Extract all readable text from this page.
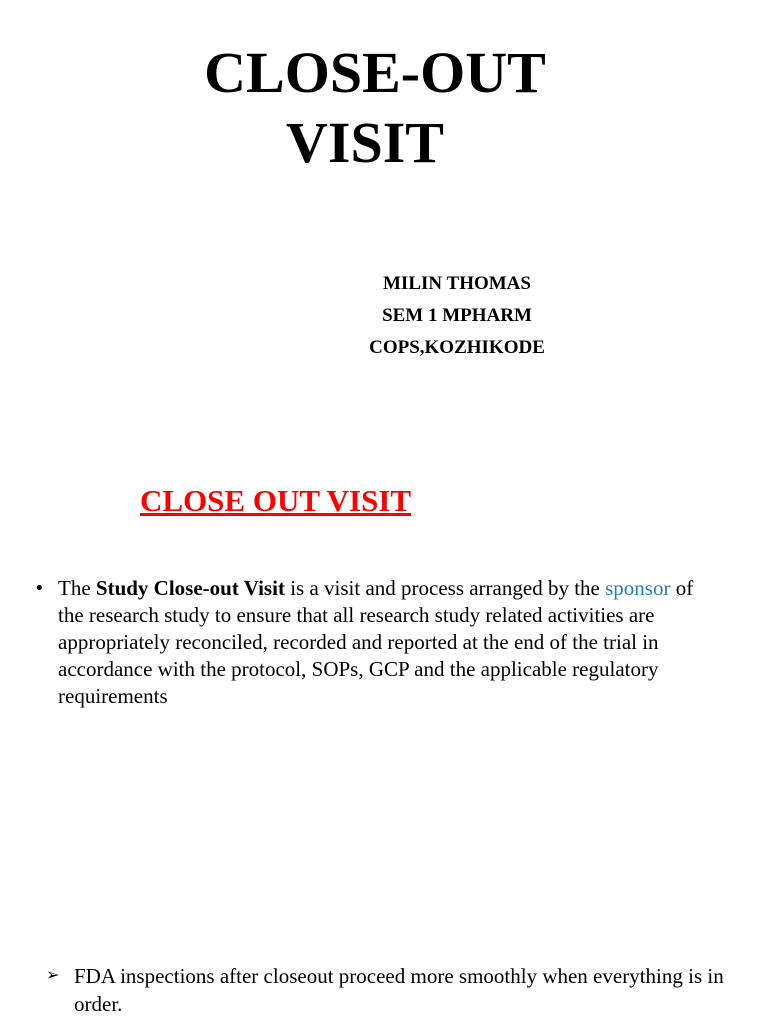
CLOSE-OUT
VISIT
MILIN THOMAS
SEM 1 MPHARM
COPS,KOZHIKODE
CLOSE OUT VISIT
• The Study Close-out Visit is a visit and process arranged by the sponsor of the research study to ensure that all research study related activities are appropriately reconciled, recorded and reported at the end of the trial in accordance with the protocol, SOPs, GCP and the applicable regulatory requirements
➢ FDA inspections after closeout proceed more smoothly when everything is in order.
